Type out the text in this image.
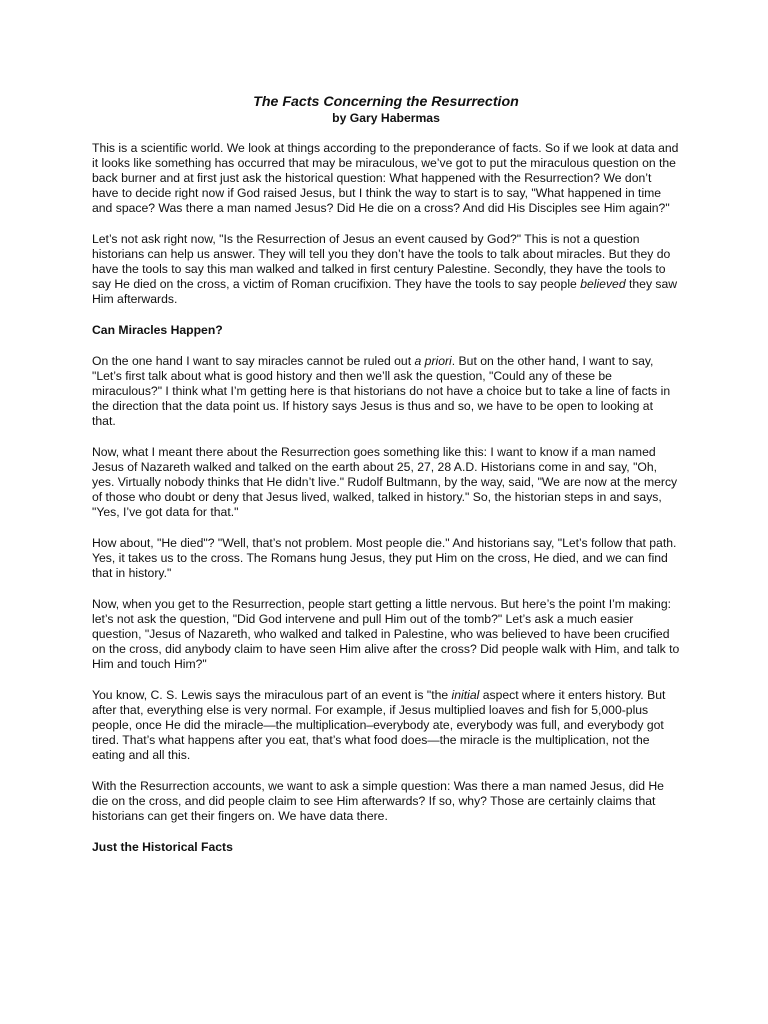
The Facts Concerning the Resurrection

by Gary Habermas

This is a scientific world. We look at things according to the preponderance of facts. So if we look at data and it looks like something has occurred that may be miraculous, we’ve got to put the miraculous question on the back burner and at first just ask the historical question: What happened with the Resurrection? We don’t have to decide right now if God raised Jesus, but I think the way to start is to say, "What happened in time and space? Was there a man named Jesus? Did He die on a cross? And did His Disciples see Him again?"

Let’s not ask right now, "Is the Resurrection of Jesus an event caused by God?" This is not a question historians can help us answer. They will tell you they don’t have the tools to talk about miracles. But they do have the tools to say this man walked and talked in first century Palestine. Secondly, they have the tools to say He died on the cross, a victim of Roman crucifixion. They have the tools to say people believed they saw Him afterwards.

Can Miracles Happen?

On the one hand I want to say miracles cannot be ruled out a priori. But on the other hand, I want to say, "Let’s first talk about what is good history and then we’ll ask the question, "Could any of these be miraculous?" I think what I’m getting here is that historians do not have a choice but to take a line of facts in the direction that the data point us. If history says Jesus is thus and so, we have to be open to looking at that.

Now, what I meant there about the Resurrection goes something like this: I want to know if a man named Jesus of Nazareth walked and talked on the earth about 25, 27, 28 A.D. Historians come in and say, "Oh, yes. Virtually nobody thinks that He didn’t live." Rudolf Bultmann, by the way, said, "We are now at the mercy of those who doubt or deny that Jesus lived, walked, talked in history." So, the historian steps in and says, "Yes, I’ve got data for that."

How about, "He died"? "Well, that’s not problem. Most people die." And historians say, "Let’s follow that path. Yes, it takes us to the cross. The Romans hung Jesus, they put Him on the cross, He died, and we can find that in history."

Now, when you get to the Resurrection, people start getting a little nervous. But here’s the point I’m making: let’s not ask the question, "Did God intervene and pull Him out of the tomb?" Let’s ask a much easier question, "Jesus of Nazareth, who walked and talked in Palestine, who was believed to have been crucified on the cross, did anybody claim to have seen Him alive after the cross? Did people walk with Him, and talk to Him and touch Him?"

You know, C. S. Lewis says the miraculous part of an event is "the initial aspect where it enters history. But after that, everything else is very normal. For example, if Jesus multiplied loaves and fish for 5,000-plus people, once He did the miracle—the multiplication–everybody ate, everybody was full, and everybody got tired. That’s what happens after you eat, that’s what food does—the miracle is the multiplication, not the eating and all this.

With the Resurrection accounts, we want to ask a simple question: Was there a man named Jesus, did He die on the cross, and did people claim to see Him afterwards? If so, why? Those are certainly claims that historians can get their fingers on. We have data there.

Just the Historical Facts
